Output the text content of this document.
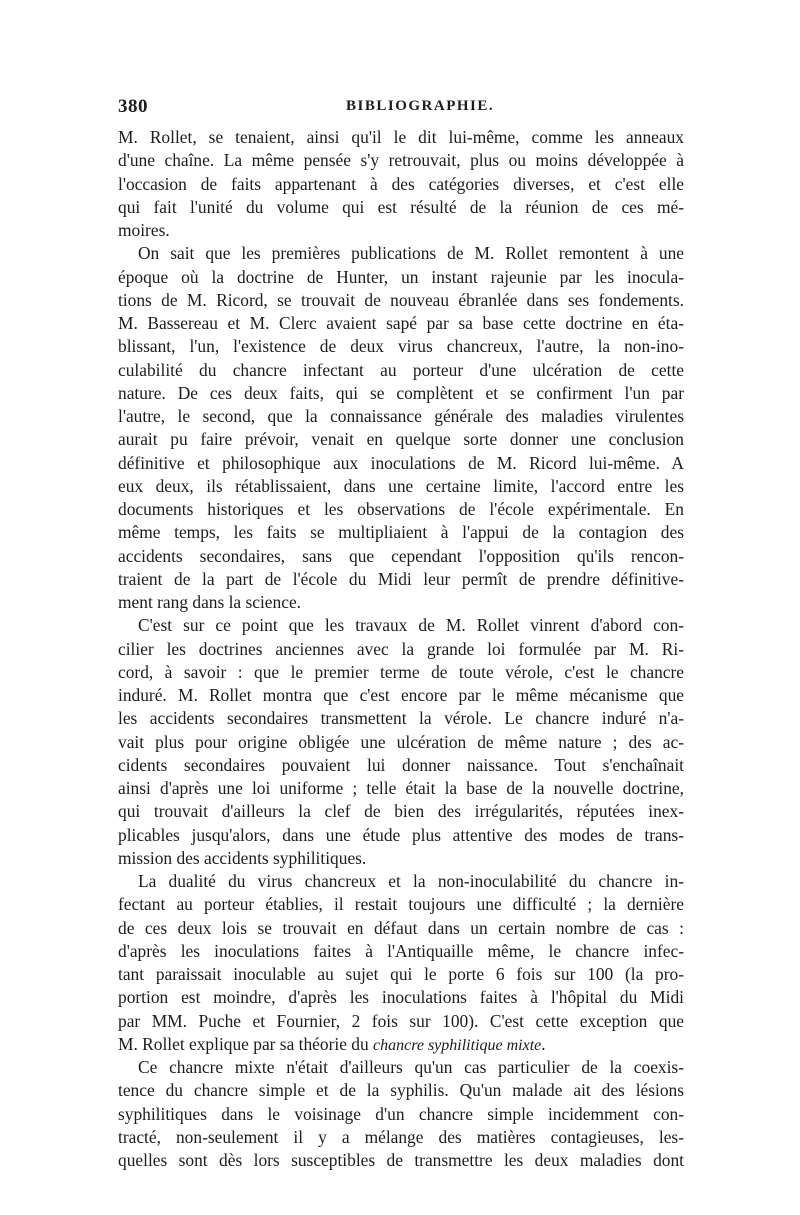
380	BIBLIOGRAPHIE.
M. Rollet, se tenaient, ainsi qu'il le dit lui-même, comme les anneaux
d'une chaîne. La même pensée s'y retrouvait, plus ou moins développée à
l'occasion de faits appartenant à des catégories diverses, et c'est elle
qui fait l'unité du volume qui est résulté de la réunion de ces mé-
moires.
On sait que les premières publications de M. Rollet remontent à une
époque où la doctrine de Hunter, un instant rajeunie par les inocula-
tions de M. Ricord, se trouvait de nouveau ébranlée dans ses fondements.
M. Bassereau et M. Clerc avaient sapé par sa base cette doctrine en éta-
blissant, l'un, l'existence de deux virus chancreux, l'autre, la non-ino-
culabilité du chancre infectant au porteur d'une ulcération de cette
nature. De ces deux faits, qui se complètent et se confirment l'un par
l'autre, le second, que la connaissance générale des maladies virulentes
aurait pu faire prévoir, venait en quelque sorte donner une conclusion
définitive et philosophique aux inoculations de M. Ricord lui-même. A
eux deux, ils rétablissaient, dans une certaine limite, l'accord entre les
documents historiques et les observations de l'école expérimentale. En
même temps, les faits se multipliaient à l'appui de la contagion des
accidents secondaires, sans que cependant l'opposition qu'ils rencon-
traient de la part de l'école du Midi leur permît de prendre définitive-
ment rang dans la science.
C'est sur ce point que les travaux de M. Rollet vinrent d'abord con-
cilier les doctrines anciennes avec la grande loi formulée par M. Ri-
cord, à savoir : que le premier terme de toute vérole, c'est le chancre
induré. M. Rollet montra que c'est encore par le même mécanisme que
les accidents secondaires transmettent la vérole. Le chancre induré n'a-
vait plus pour origine obligée une ulcération de même nature ; des ac-
cidents secondaires pouvaient lui donner naissance. Tout s'enchaînait
ainsi d'après une loi uniforme ; telle était la base de la nouvelle doctrine,
qui trouvait d'ailleurs la clef de bien des irrégularités, réputées inex-
plicables jusqu'alors, dans une étude plus attentive des modes de trans-
mission des accidents syphilitiques.
La dualité du virus chancreux et la non-inoculabilité du chancre in-
fectant au porteur établies, il restait toujours une difficulté ; la dernière
de ces deux lois se trouvait en défaut dans un certain nombre de cas :
d'après les inoculations faites à l'Antiquaille même, le chancre infec-
tant paraissait inoculable au sujet qui le porte 6 fois sur 100 (la pro-
portion est moindre, d'après les inoculations faites à l'hôpital du Midi
par MM. Puche et Fournier, 2 fois sur 100). C'est cette exception que
M. Rollet explique par sa théorie du chancre syphilitique mixte.
Ce chancre mixte n'était d'ailleurs qu'un cas particulier de la coexis-
tence du chancre simple et de la syphilis. Qu'un malade ait des lésions
syphilitiques dans le voisinage d'un chancre simple incidemment con-
tracté, non-seulement il y a mélange des matières contagieuses, les-
quelles sont dès lors susceptibles de transmettre les deux maladies dont
